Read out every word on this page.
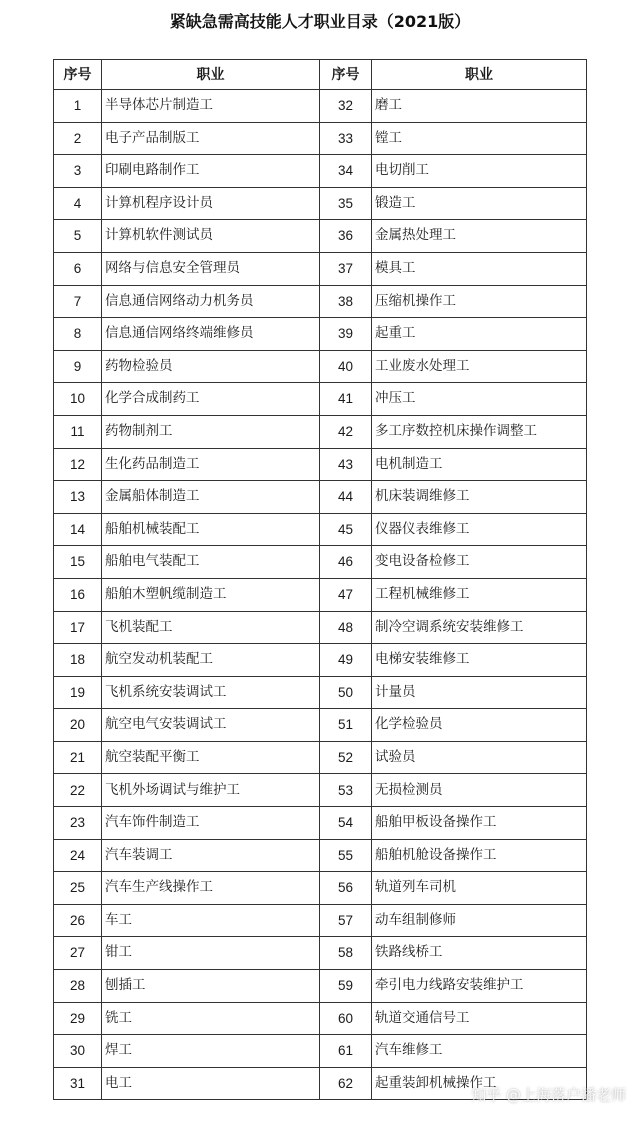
紧缺急需高技能人才职业目录（2021版）
序号	职业	序号	职业
1	半导体芯片制造工	32	磨工
2	电子产品制版工	33	镗工
3	印刷电路制作工	34	电切削工
4	计算机程序设计员	35	锻造工
5	计算机软件测试员	36	金属热处理工
6	网络与信息安全管理员	37	模具工
7	信息通信网络动力机务员	38	压缩机操作工
8	信息通信网络终端维修员	39	起重工
9	药物检验员	40	工业废水处理工
10	化学合成制药工	41	冲压工
11	药物制剂工	42	多工序数控机床操作调整工
12	生化药品制造工	43	电机制造工
13	金属船体制造工	44	机床装调维修工
14	船舶机械装配工	45	仪器仪表维修工
15	船舶电气装配工	46	变电设备检修工
16	船舶木塑帆缆制造工	47	工程机械维修工
17	飞机装配工	48	制冷空调系统安装维修工
18	航空发动机装配工	49	电梯安装维修工
19	飞机系统安装调试工	50	计量员
20	航空电气安装调试工	51	化学检验员
21	航空装配平衡工	52	试验员
22	飞机外场调试与维护工	53	无损检测员
23	汽车饰件制造工	54	船舶甲板设备操作工
24	汽车装调工	55	船舶机舱设备操作工
25	汽车生产线操作工	56	轨道列车司机
26	车工	57	动车组制修师
27	钳工	58	铁路线桥工
28	刨插工	59	牵引电力线路安装维护工
29	铣工	60	轨道交通信号工
30	焊工	61	汽车维修工
31	电工	62	起重装卸机械操作工
知乎 @上海落户潘老师
